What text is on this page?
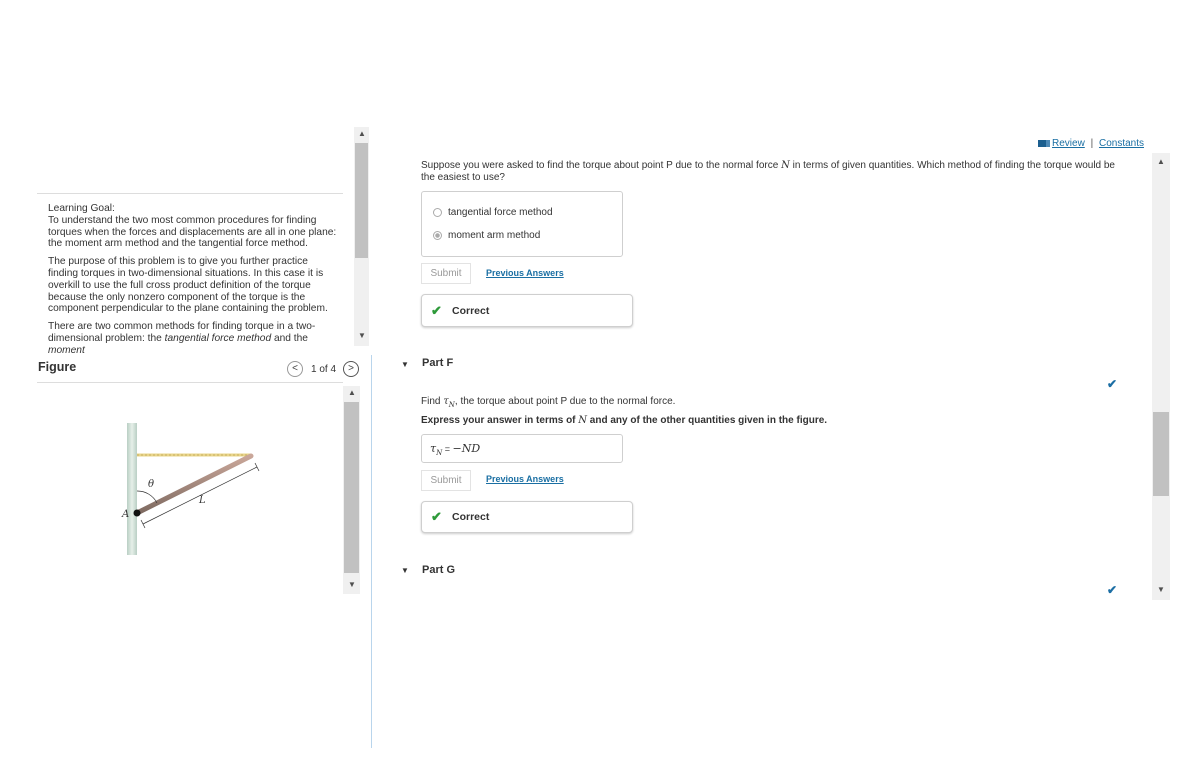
Learning Goal:
To understand the two most common procedures for finding torques when the forces and displacements are all in one plane: the moment arm method and the tangential force method.

The purpose of this problem is to give you further practice finding torques in two-dimensional situations. In this case it is overkill to use the full cross product definition of the torque because the only nonzero component of the torque is the component perpendicular to the plane containing the problem.

There are two common methods for finding torque in a two-dimensional problem: the tangential force method and the moment

▲
▼
Figure	<	1 of 4	>
θ
L
A
▲
▼
Review | Constants
Suppose you were asked to find the torque about point P due to the normal force N in terms of given quantities. Which method of finding the torque would be the easiest to use?
tangential force method
moment arm method
Submit	Previous Answers
✔ Correct
▼ Part F
✔
Find $\tau_N$, the torque about point P due to the normal force.
Express your answer in terms of N and any of the other quantities given in the figure.
$\tau_N = -ND$
Submit	Previous Answers
✔ Correct
▼ Part G
✔
▲
▼
